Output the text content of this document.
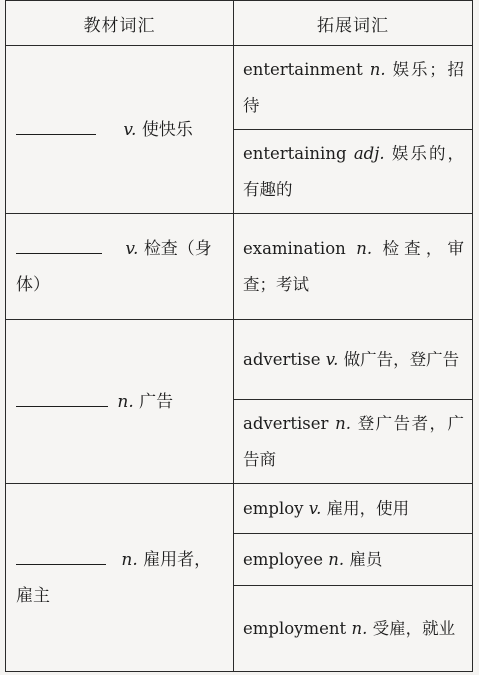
教材词汇	拓展词汇
v. 使快乐	entertainment n. 娱乐；招待
	entertaining adj. 娱乐的，有趣的
v. 检查（身体）	examination n. 检查，审查；考试
n. 广告	advertise v. 做广告，登广告
	advertiser n. 登广告者，广告商
n. 雇用者，雇主	employ v. 雇用，使用
	employee n. 雇员
	employment n. 受雇，就业
